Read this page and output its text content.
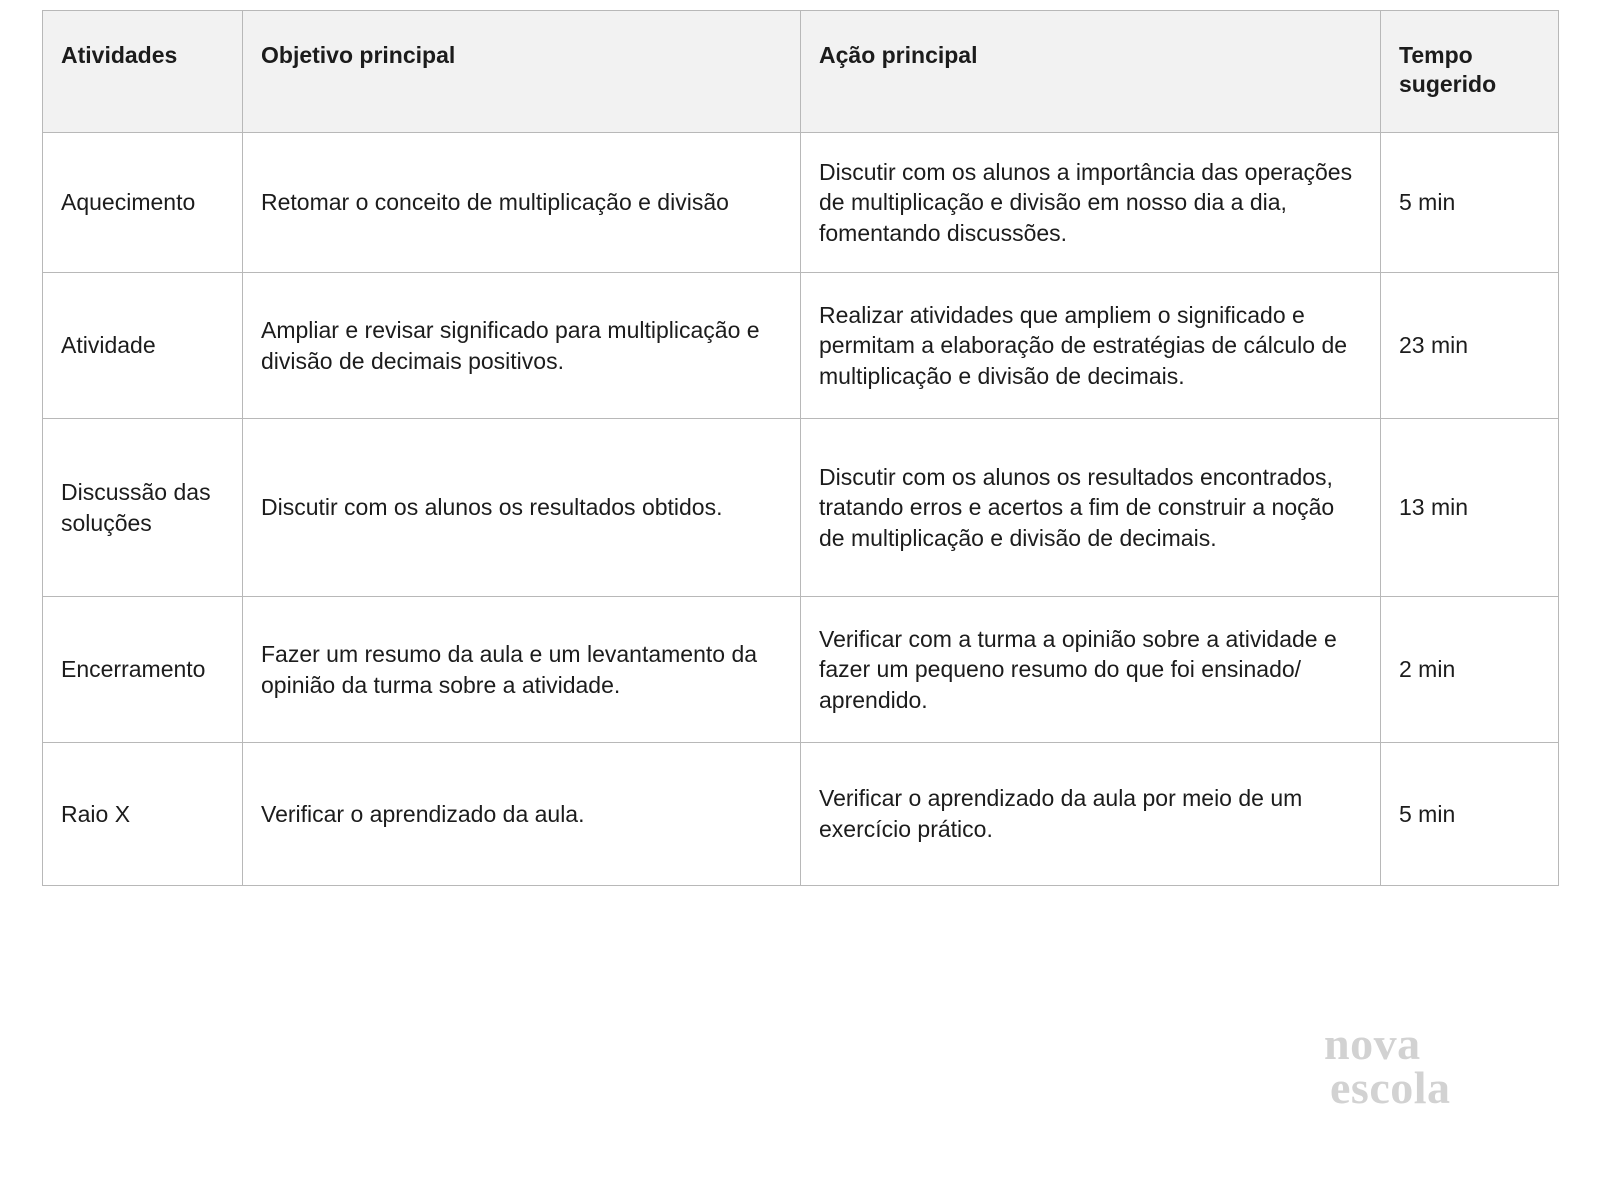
Atividades	Objetivo principal	Ação principal	Tempo sugerido

Aquecimento	Retomar o conceito de multiplicação e divisão	Discutir com os alunos a importância das operações de multiplicação e divisão em nosso dia a dia, fomentando discussões.	5 min

Atividade	Ampliar e revisar significado para multiplicação e divisão de decimais positivos.	Realizar atividades que ampliem o significado e permitam a elaboração de estratégias de cálculo de multiplicação e divisão de decimais.	23 min

Discussão das soluções	Discutir com os alunos os resultados obtidos.	Discutir com os alunos os resultados encontrados, tratando erros e acertos a fim de construir a noção de multiplicação e divisão de decimais.	13 min

Encerramento	Fazer um resumo da aula e um levantamento da opinião da turma sobre a atividade.	Verificar com a turma a opinião sobre a atividade e fazer um pequeno resumo do que foi ensinado/ aprendido.	2 min

Raio X	Verificar o aprendizado da aula.	Verificar o aprendizado da aula por meio de um exercício prático.	5 min
nova
escola
